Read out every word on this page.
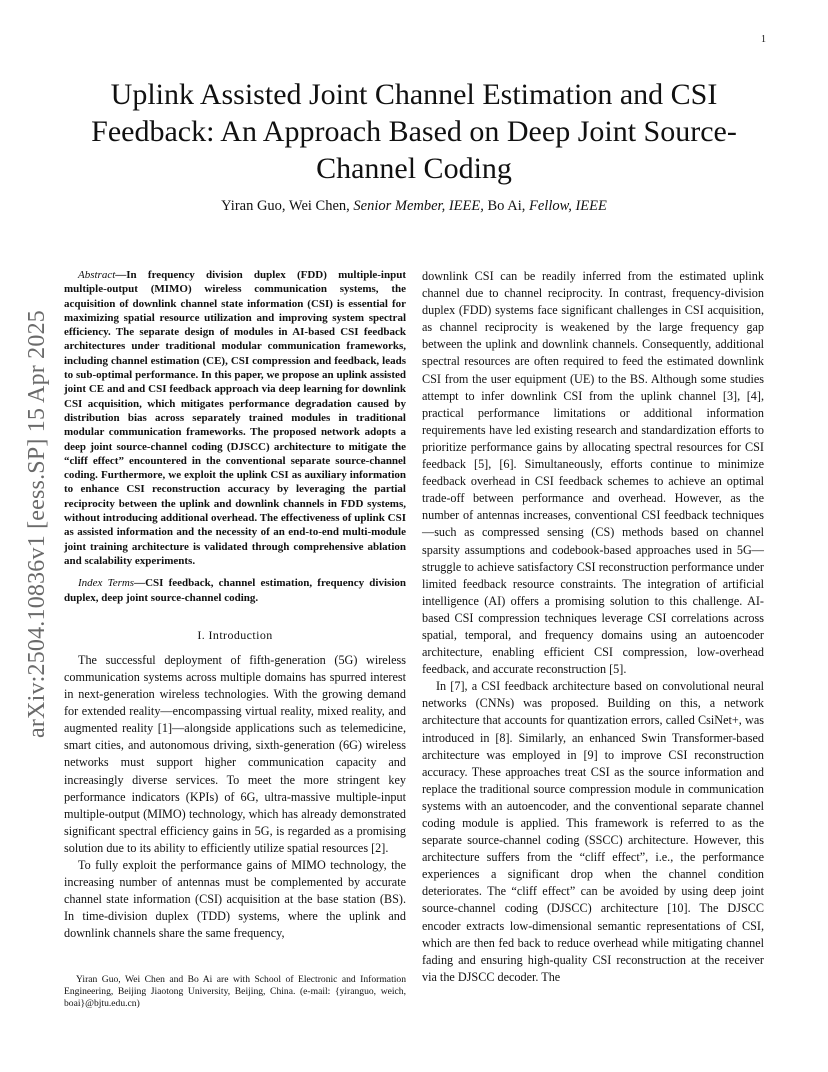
1
arXiv:2504.10836v1 [eess.SP] 15 Apr 2025
Uplink Assisted Joint Channel Estimation and CSI Feedback: An Approach Based on Deep Joint Source-Channel Coding
Yiran Guo, Wei Chen, Senior Member, IEEE, Bo Ai, Fellow, IEEE

Abstract—In frequency division duplex (FDD) multiple-input multiple-output (MIMO) wireless communication systems, the acquisition of downlink channel state information (CSI) is essential for maximizing spatial resource utilization and improving system spectral efficiency. The separate design of modules in AI-based CSI feedback architectures under traditional modular communication frameworks, including channel estimation (CE), CSI compression and feedback, leads to sub-optimal performance. In this paper, we propose an uplink assisted joint CE and and CSI feedback approach via deep learning for downlink CSI acquisition, which mitigates performance degradation caused by distribution bias across separately trained modules in traditional modular communication frameworks. The proposed network adopts a deep joint source-channel coding (DJSCC) architecture to mitigate the “cliff effect” encountered in the conventional separate source-channel coding. Furthermore, we exploit the uplink CSI as auxiliary information to enhance CSI reconstruction accuracy by leveraging the partial reciprocity between the uplink and downlink channels in FDD systems, without introducing additional overhead. The effectiveness of uplink CSI as assisted information and the necessity of an end-to-end multi-module joint training architecture is validated through comprehensive ablation and scalability experiments.

Index Terms—CSI feedback, channel estimation, frequency division duplex, deep joint source-channel coding.

I. Introduction

The successful deployment of fifth-generation (5G) wireless communication systems across multiple domains has spurred interest in next-generation wireless technologies. With the growing demand for extended reality—encompassing virtual reality, mixed reality, and augmented reality [1]—alongside applications such as telemedicine, smart cities, and autonomous driving, sixth-generation (6G) wireless networks must support higher communication capacity and increasingly diverse services. To meet the more stringent key performance indicators (KPIs) of 6G, ultra-massive multiple-input multiple-output (MIMO) technology, which has already demonstrated significant spectral efficiency gains in 5G, is regarded as a promising solution due to its ability to efficiently utilize spatial resources [2].

To fully exploit the performance gains of MIMO technology, the increasing number of antennas must be complemented by accurate channel state information (CSI) acquisition at the base station (BS). In time-division duplex (TDD) systems, where the uplink and downlink channels share the same frequency,

Yiran Guo, Wei Chen and Bo Ai are with School of Electronic and Information Engineering, Beijing Jiaotong University, Beijing, China. (e-mail: {yiranguo, weich, boai}@bjtu.edu.cn)

downlink CSI can be readily inferred from the estimated uplink channel due to channel reciprocity. In contrast, frequency-division duplex (FDD) systems face significant challenges in CSI acquisition, as channel reciprocity is weakened by the large frequency gap between the uplink and downlink channels. Consequently, additional spectral resources are often required to feed the estimated downlink CSI from the user equipment (UE) to the BS. Although some studies attempt to infer downlink CSI from the uplink channel [3], [4], practical performance limitations or additional information requirements have led existing research and standardization efforts to prioritize performance gains by allocating spectral resources for CSI feedback [5], [6]. Simultaneously, efforts continue to minimize feedback overhead in CSI feedback schemes to achieve an optimal trade-off between performance and overhead. However, as the number of antennas increases, conventional CSI feedback techniques—such as compressed sensing (CS) methods based on channel sparsity assumptions and codebook-based approaches used in 5G—struggle to achieve satisfactory CSI reconstruction performance under limited feedback resource constraints. The integration of artificial intelligence (AI) offers a promising solution to this challenge. AI-based CSI compression techniques leverage CSI correlations across spatial, temporal, and frequency domains using an autoencoder architecture, enabling efficient CSI compression, low-overhead feedback, and accurate reconstruction [5].

In [7], a CSI feedback architecture based on convolutional neural networks (CNNs) was proposed. Building on this, a network architecture that accounts for quantization errors, called CsiNet+, was introduced in [8]. Similarly, an enhanced Swin Transformer-based architecture was employed in [9] to improve CSI reconstruction accuracy. These approaches treat CSI as the source information and replace the traditional source compression module in communication systems with an autoencoder, and the conventional separate channel coding module is applied. This framework is referred to as the separate source-channel coding (SSCC) architecture. However, this architecture suffers from the “cliff effect”, i.e., the performance experiences a significant drop when the channel condition deteriorates. The “cliff effect” can be avoided by using deep joint source-channel coding (DJSCC) architecture [10]. The DJSCC encoder extracts low-dimensional semantic representations of CSI, which are then fed back to reduce overhead while mitigating channel fading and ensuring high-quality CSI reconstruction at the receiver via the DJSCC decoder. The
